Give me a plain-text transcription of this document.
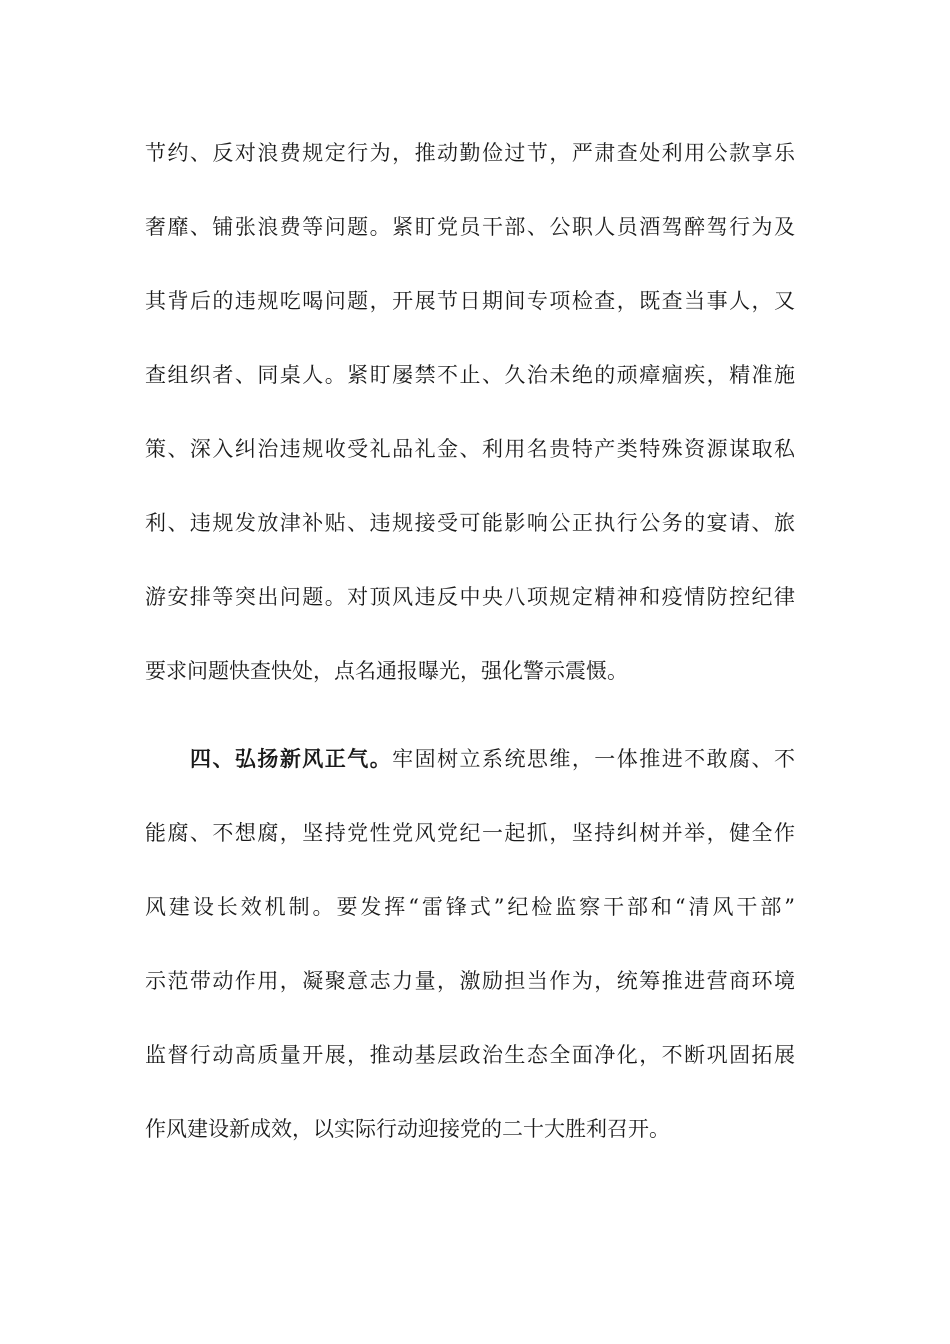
节约、反对浪费规定行为，推动勤俭过节，严肃查处利用公款享乐
奢靡、铺张浪费等问题。紧盯党员干部、公职人员酒驾醉驾行为及
其背后的违规吃喝问题，开展节日期间专项检查，既查当事人，又
查组织者、同桌人。紧盯屡禁不止、久治未绝的顽瘴痼疾，精准施
策、深入纠治违规收受礼品礼金、利用名贵特产类特殊资源谋取私
利、违规发放津补贴、违规接受可能影响公正执行公务的宴请、旅
游安排等突出问题。对顶风违反中央八项规定精神和疫情防控纪律
要求问题快查快处，点名通报曝光，强化警示震慑。
四、弘扬新风正气。牢固树立系统思维，一体推进不敢腐、不
能腐、不想腐，坚持党性党风党纪一起抓，坚持纠树并举，健全作
风建设长效机制。要发挥“雷锋式”纪检监察干部和“清风干部”
示范带动作用，凝聚意志力量，激励担当作为，统筹推进营商环境
监督行动高质量开展，推动基层政治生态全面净化，不断巩固拓展
作风建设新成效，以实际行动迎接党的二十大胜利召开。
